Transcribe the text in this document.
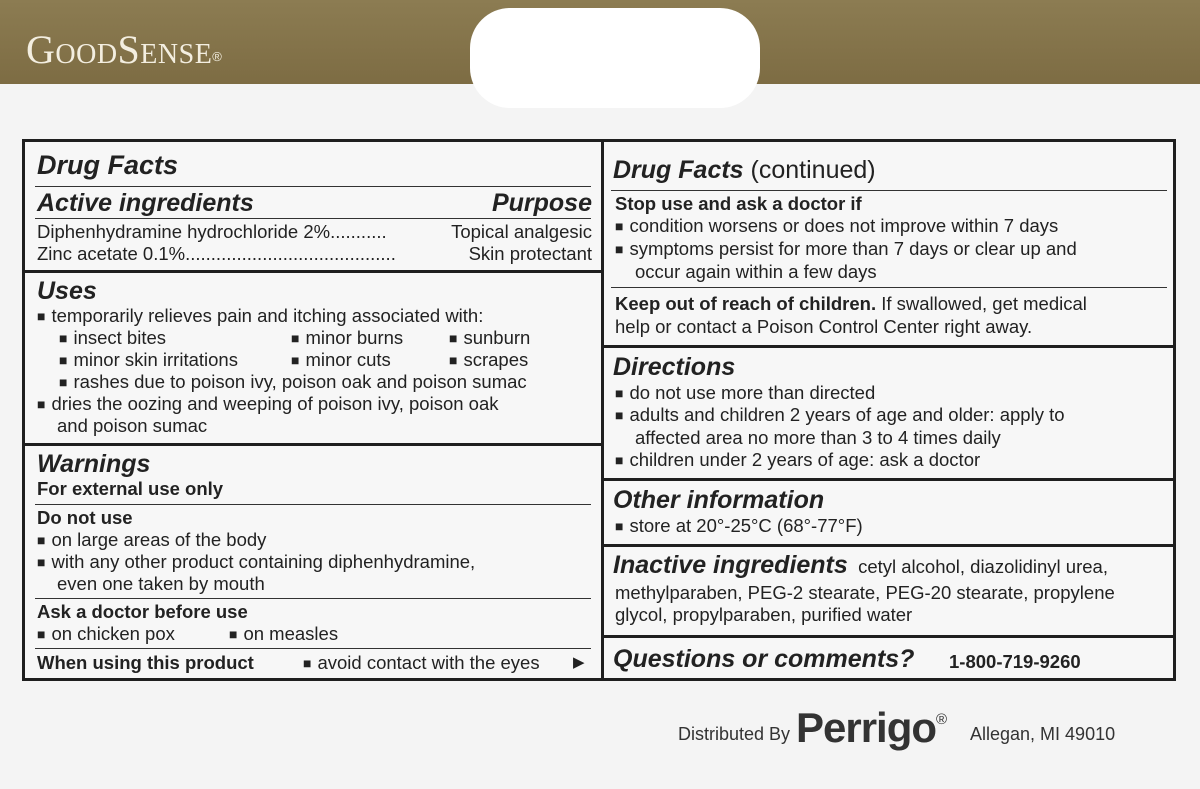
GoodSense®
Drug Facts
Active ingredients	Purpose
Diphenhydramine hydrochloride 2%...........	Topical analgesic
Zinc acetate 0.1%.........................................	Skin protectant
Uses
■ temporarily relieves pain and itching associated with:
■ insect bites	■ minor burns	■ sunburn
■ minor skin irritations	■ minor cuts	■ scrapes
■ rashes due to poison ivy, poison oak and poison sumac
■ dries the oozing and weeping of poison ivy, poison oak
and poison sumac
Warnings
For external use only
Do not use
■ on large areas of the body
■ with any other product containing diphenhydramine,
even one taken by mouth
Ask a doctor before use
■ on chicken pox	■ on measles
When using this product	■ avoid contact with the eyes ▶
Drug Facts (continued)
Stop use and ask a doctor if
■ condition worsens or does not improve within 7 days
■ symptoms persist for more than 7 days or clear up and
occur again within a few days
Keep out of reach of children. If swallowed, get medical
help or contact a Poison Control Center right away.
Directions
■ do not use more than directed
■ adults and children 2 years of age and older: apply to
affected area no more than 3 to 4 times daily
■ children under 2 years of age: ask a doctor
Other information
■ store at 20°-25°C (68°-77°F)
Inactive ingredients cetyl alcohol, diazolidinyl urea,
methylparaben, PEG-2 stearate, PEG-20 stearate, propylene
glycol, propylparaben, purified water
Questions or comments? 1-800-719-9260
Distributed By Perrigo®
Allegan, MI 49010
